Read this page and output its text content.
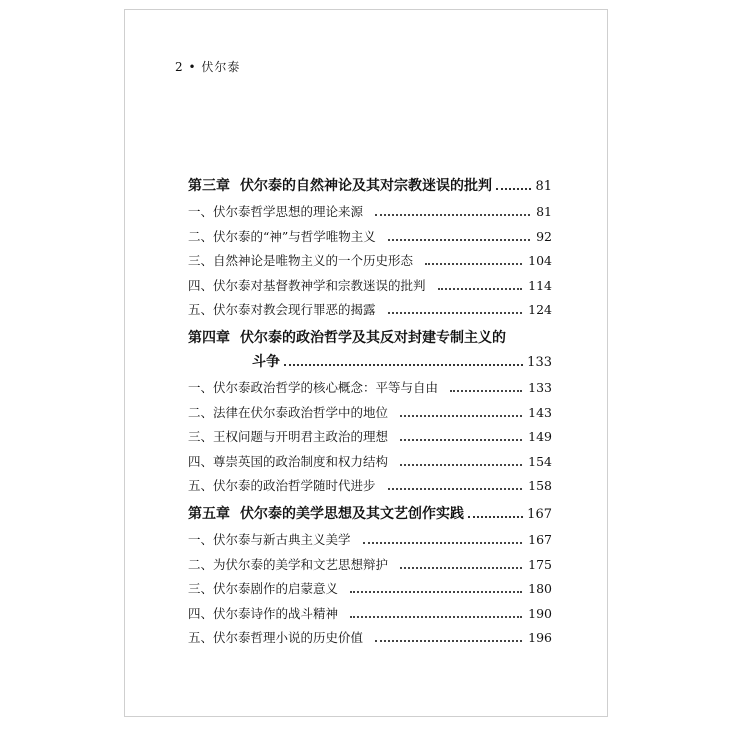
2 • 伏尔泰
第三章 伏尔泰的自然神论及其对宗教迷误的批判	81
一、伏尔泰哲学思想的理论来源	81
二、伏尔泰的“神”与哲学唯物主义	92
三、自然神论是唯物主义的一个历史形态	104
四、伏尔泰对基督教神学和宗教迷误的批判	114
五、伏尔泰对教会现行罪恶的揭露	124
第四章 伏尔泰的政治哲学及其反对封建专制主义的
斗争	133
一、伏尔泰政治哲学的核心概念：平等与自由	133
二、法律在伏尔泰政治哲学中的地位	143
三、王权问题与开明君主政治的理想	149
四、尊崇英国的政治制度和权力结构	154
五、伏尔泰的政治哲学随时代进步	158
第五章 伏尔泰的美学思想及其文艺创作实践	167
一、伏尔泰与新古典主义美学	167
二、为伏尔泰的美学和文艺思想辩护	175
三、伏尔泰剧作的启蒙意义	180
四、伏尔泰诗作的战斗精神	190
五、伏尔泰哲理小说的历史价值	196
